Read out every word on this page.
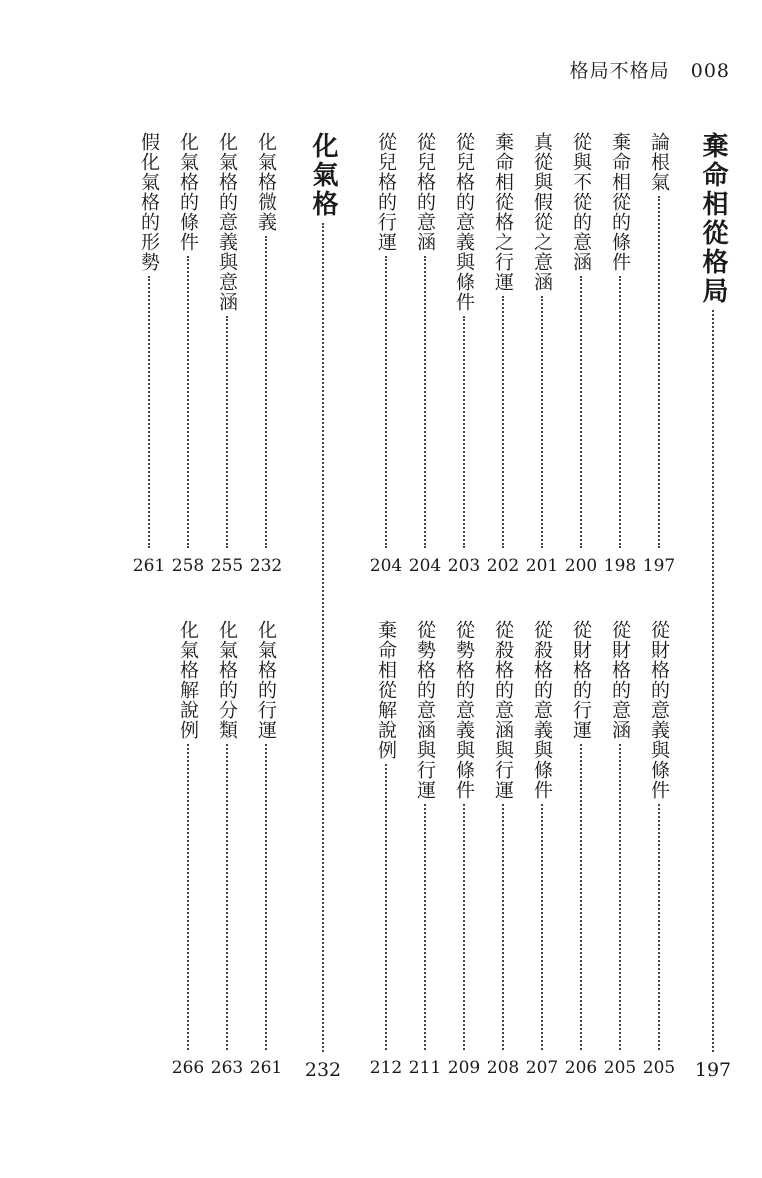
格局不格局 008
棄命相從格局
197
論根氣
197
棄命相從的條件
198
從與不從的意涵
200
真從與假從之意涵
201
棄命相從格之行運
202
從兒格的意義與條件
203
從兒格的意涵
204
從兒格的行運
204
化氣格
232
化氣格微義
232
化氣格的意義與意涵
255
化氣格的條件
258
假化氣格的形勢
261
從財格的意義與條件
205
從財格的意涵
205
從財格的行運
206
從殺格的意義與條件
207
從殺格的意涵與行運
208
從勢格的意義與條件
209
從勢格的意涵與行運
211
棄命相從解說例
212
化氣格的行運
261
化氣格的分類
263
化氣格解說例
266
